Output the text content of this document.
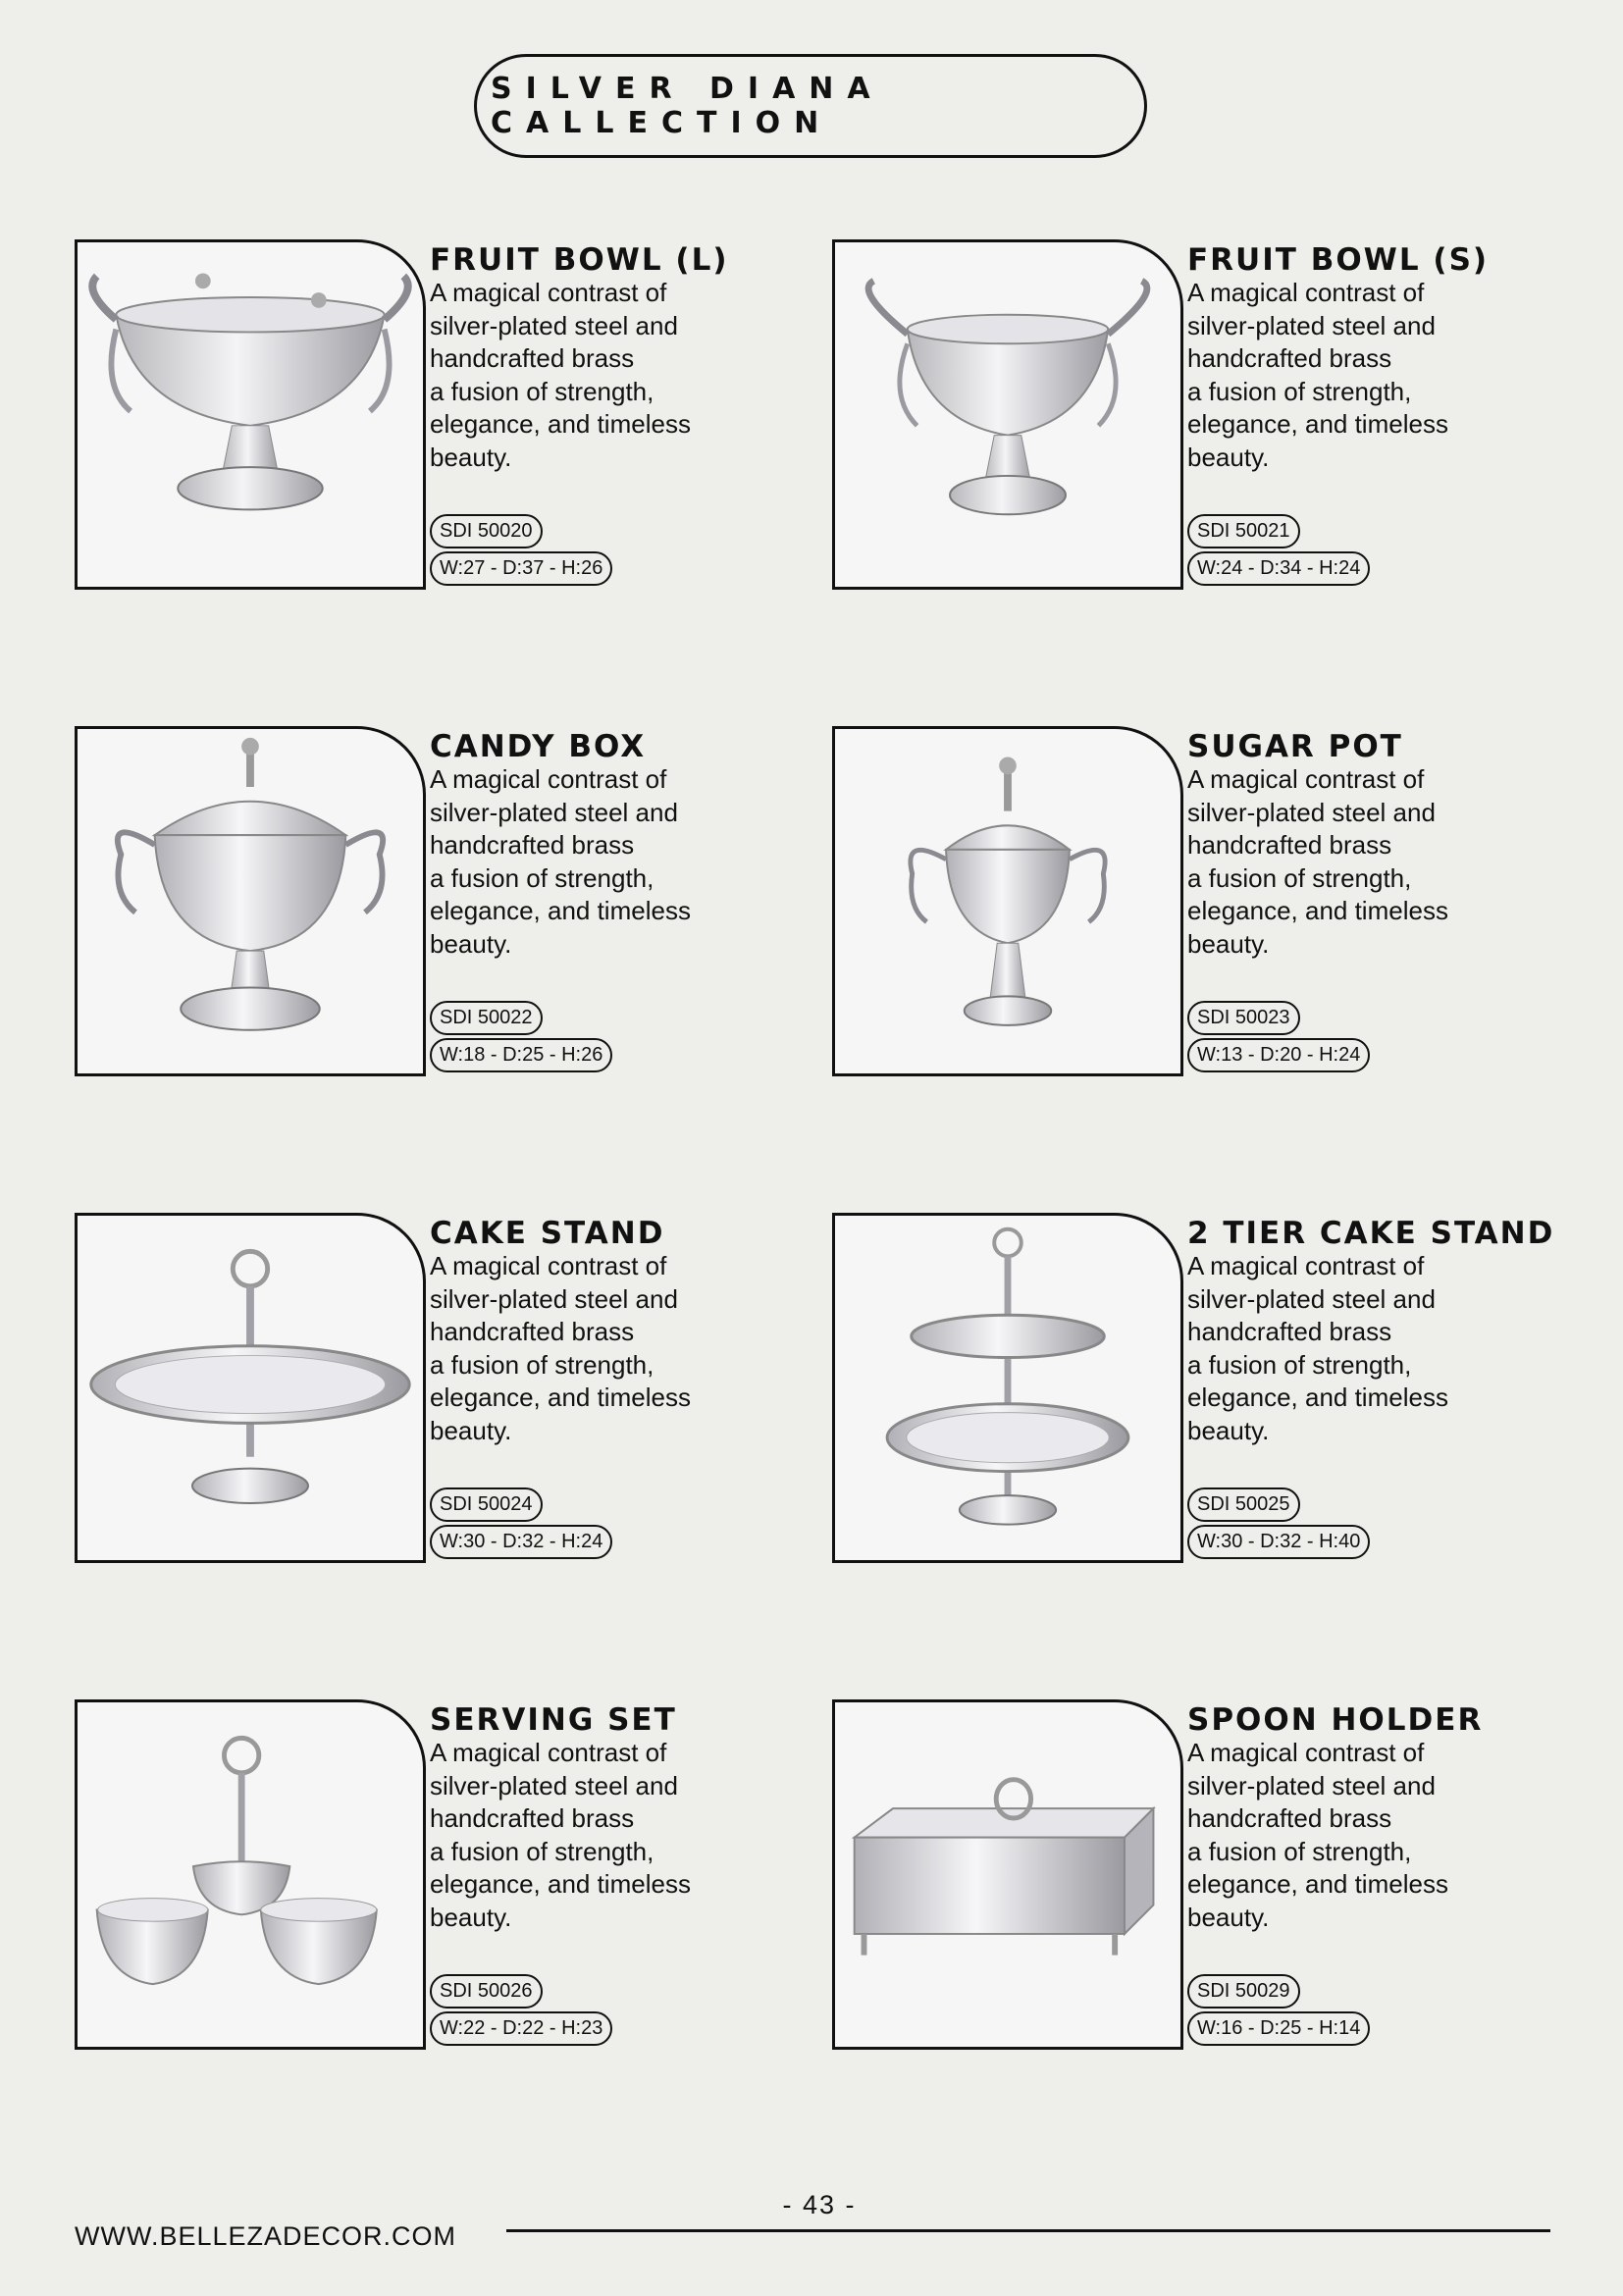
SILVER DIANA CALLECTION
FRUIT BOWL (L)
A magical contrast of
silver-plated steel and
handcrafted brass
a fusion of strength,
elegance, and timeless
beauty.
SDI 50020
W:27 - D:37 - H:26
FRUIT BOWL (S)
A magical contrast of
silver-plated steel and
handcrafted brass
a fusion of strength,
elegance, and timeless
beauty.
SDI 50021
W:24 - D:34 - H:24
CANDY BOX
A magical contrast of
silver-plated steel and
handcrafted brass
a fusion of strength,
elegance, and timeless
beauty.
SDI 50022
W:18 - D:25 - H:26
SUGAR POT
A magical contrast of
silver-plated steel and
handcrafted brass
a fusion of strength,
elegance, and timeless
beauty.
SDI 50023
W:13 - D:20 - H:24
CAKE STAND
A magical contrast of
silver-plated steel and
handcrafted brass
a fusion of strength,
elegance, and timeless
beauty.
SDI 50024
W:30 - D:32 - H:24
2 TIER CAKE STAND
A magical contrast of
silver-plated steel and
handcrafted brass
a fusion of strength,
elegance, and timeless
beauty.
SDI 50025
W:30 - D:32 - H:40
SERVING SET
A magical contrast of
silver-plated steel and
handcrafted brass
a fusion of strength,
elegance, and timeless
beauty.
SDI 50026
W:22 - D:22 - H:23
SPOON HOLDER
A magical contrast of
silver-plated steel and
handcrafted brass
a fusion of strength,
elegance, and timeless
beauty.
SDI 50029
W:16 - D:25 - H:14
- 43 -
WWW.BELLEZADECOR.COM
